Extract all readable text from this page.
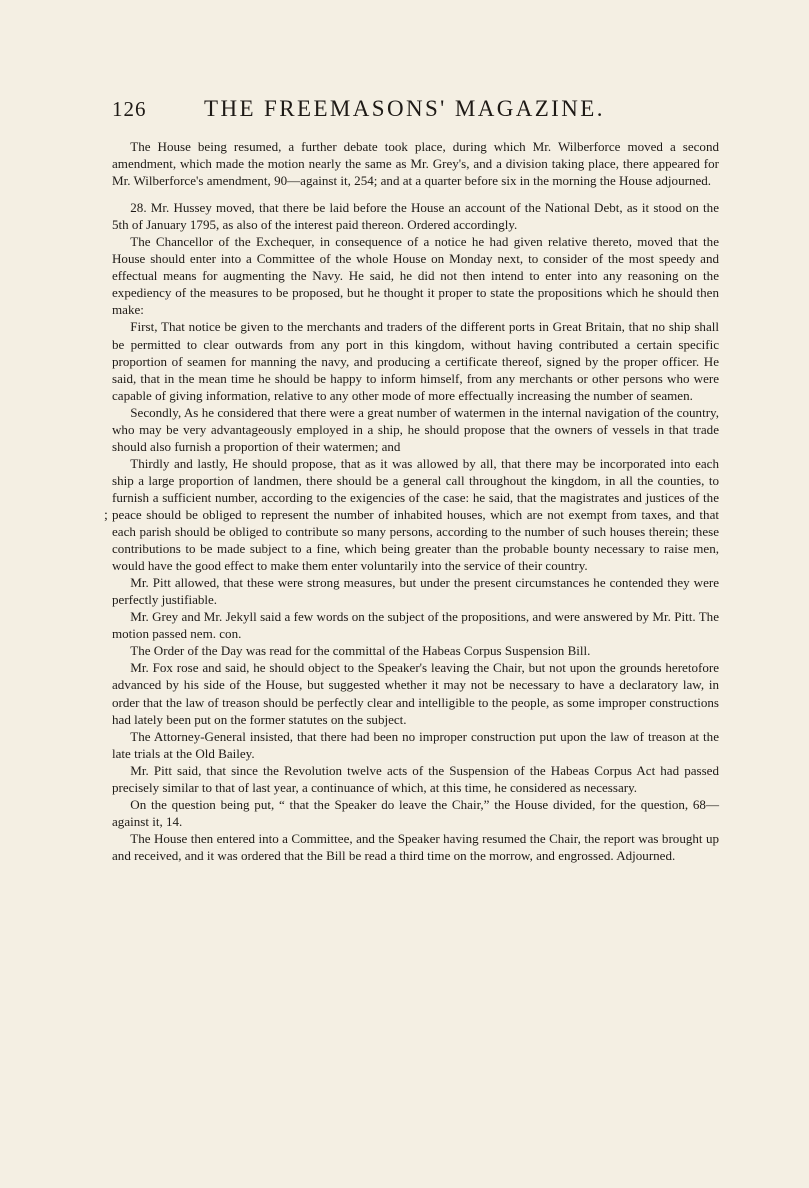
126	THE FREEMASONS' MAGAZINE.

The House being resumed, a further debate took place, during which Mr. Wilberforce moved a second amendment, which made the motion nearly the same as Mr. Grey's, and a division taking place, there appeared for Mr. Wilberforce's amendment, 90—against it, 254; and at a quarter before six in the morning the House adjourned.

28. Mr. Hussey moved, that there be laid before the House an account of the National Debt, as it stood on the 5th of January 1795, as also of the interest paid thereon. Ordered accordingly.

The Chancellor of the Exchequer, in consequence of a notice he had given relative thereto, moved that the House should enter into a Committee of the whole House on Monday next, to consider of the most speedy and effectual means for augmenting the Navy. He said, he did not then intend to enter into any reasoning on the expediency of the measures to be proposed, but he thought it proper to state the propositions which he should then make:

First, That notice be given to the merchants and traders of the different ports in Great Britain, that no ship shall be permitted to clear outwards from any port in this kingdom, without having contributed a certain specific proportion of seamen for manning the navy, and producing a certificate thereof, signed by the proper officer. He said, that in the mean time he should be happy to inform himself, from any merchants or other persons who were capable of giving information, relative to any other mode of more effectually increasing the number of seamen.

Secondly, As he considered that there were a great number of watermen in the internal navigation of the country, who may be very advantageously employed in a ship, he should propose that the owners of vessels in that trade should also furnish a proportion of their watermen; and

Thirdly and lastly, He should propose, that as it was allowed by all, that there may be incorporated into each ship a large proportion of landmen, there should be a general call throughout the kingdom, in all the counties, to furnish a sufficient number, according to the exigencies of the case: he said, that the magistrates and justices of the peace should be obliged to represent the number of inhabited houses, which are not exempt from taxes, and that each parish should be obliged to contribute so many persons, according to the number of such houses therein; these contributions to be made subject to a fine, which being greater than the probable bounty necessary to raise men, would have the good effect to make them enter voluntarily into the service of their country.

Mr. Pitt allowed, that these were strong measures, but under the present circumstances he contended they were perfectly justifiable.

Mr. Grey and Mr. Jekyll said a few words on the subject of the propositions, and were answered by Mr. Pitt. The motion passed nem. con.

The Order of the Day was read for the committal of the Habeas Corpus Suspension Bill.

Mr. Fox rose and said, he should object to the Speaker's leaving the Chair, but not upon the grounds heretofore advanced by his side of the House, but suggested whether it may not be necessary to have a declaratory law, in order that the law of treason should be perfectly clear and intelligible to the people, as some improper constructions had lately been put on the former statutes on the subject.

The Attorney-General insisted, that there had been no improper construction put upon the law of treason at the late trials at the Old Bailey.

Mr. Pitt said, that since the Revolution twelve acts of the Suspension of the Habeas Corpus Act had passed precisely similar to that of last year, a continuance of which, at this time, he considered as necessary.

On the question being put, “ that the Speaker do leave the Chair,” the House divided, for the question, 68—against it, 14.

The House then entered into a Committee, and the Speaker having resumed the Chair, the report was brought up and received, and it was ordered that the Bill be read a third time on the morrow, and engrossed. Adjourned.

;
